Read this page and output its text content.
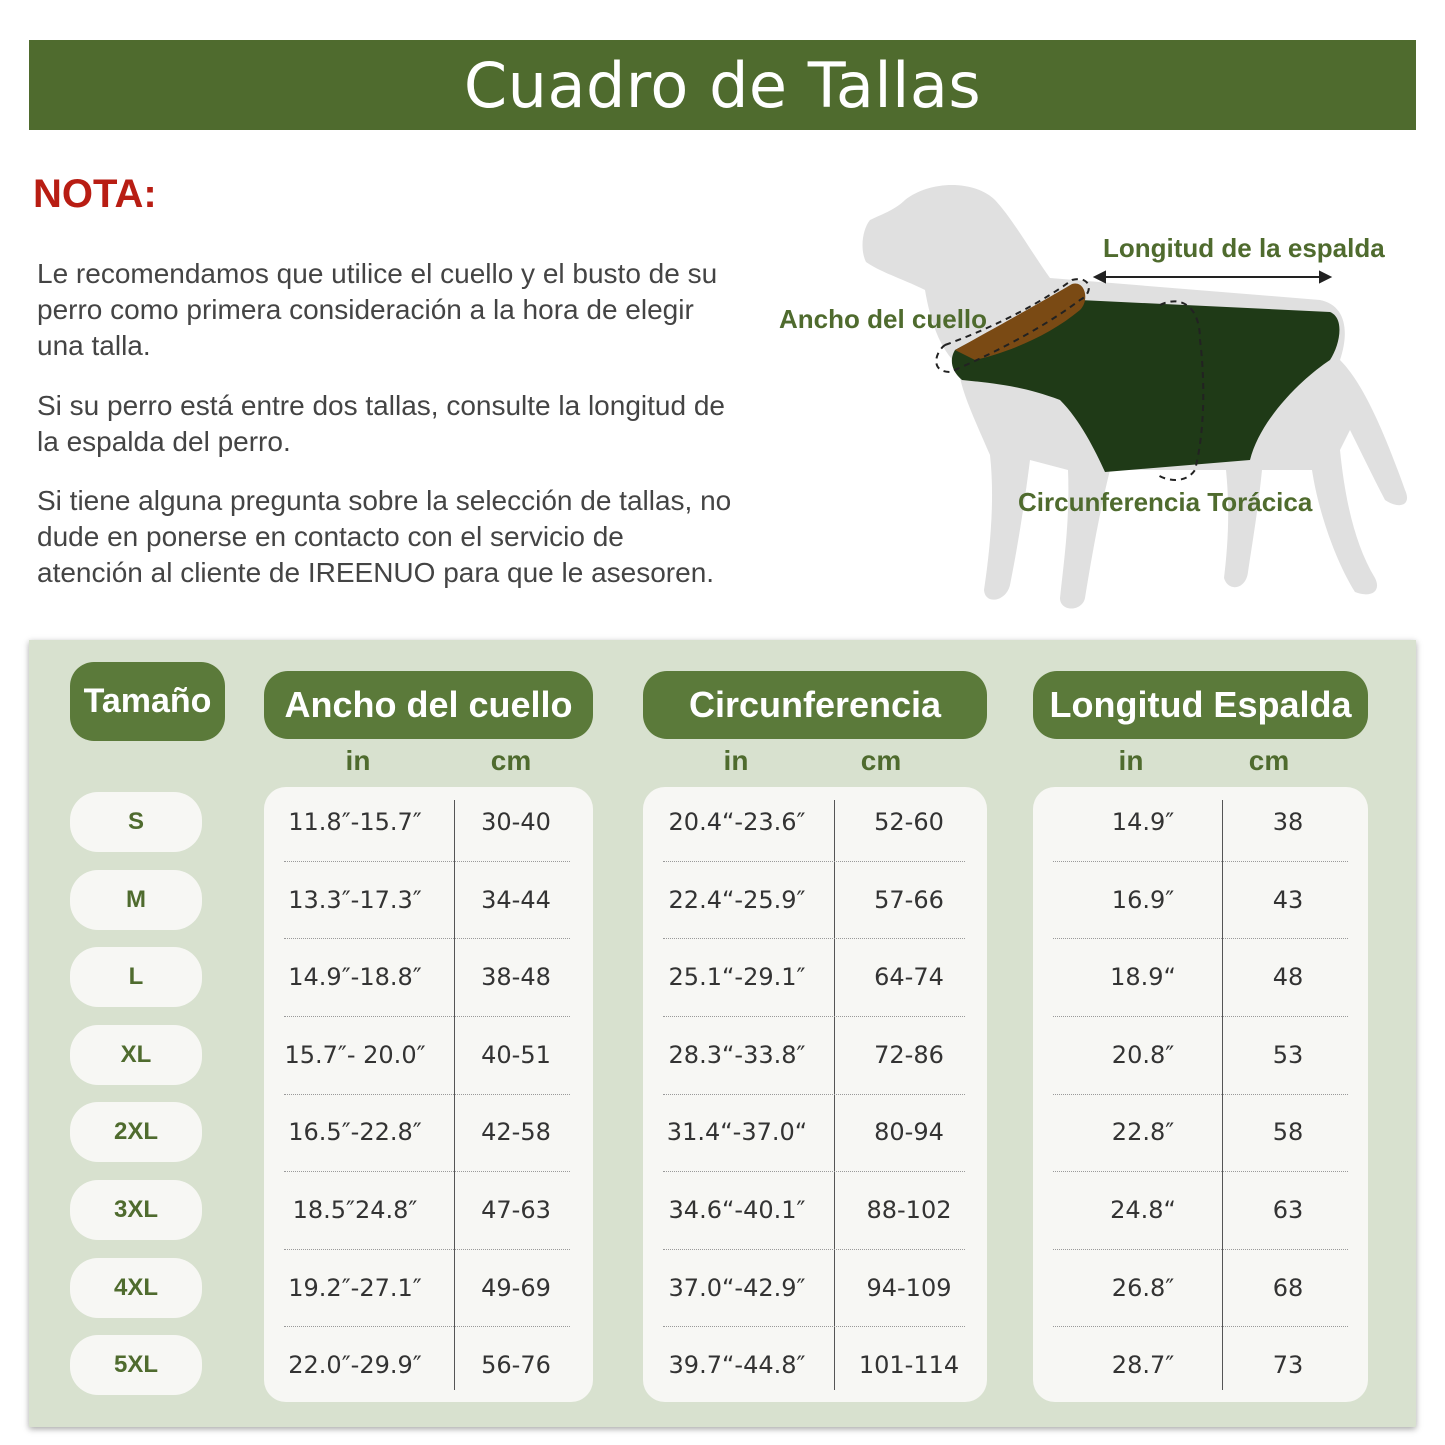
Cuadro de Tallas

NOTA:

Le recomendamos que utilice el cuello y el busto de su perro como primera consideración a la hora de elegir una talla.

Si su perro está entre dos tallas, consulte la longitud de la espalda del perro.

Si tiene alguna pregunta sobre la selección de tallas, no dude en ponerse en contacto con el servicio de atención al cliente de IREENUO para que le asesoren.

Longitud de la espalda

Ancho del cuello

Circunferencia Torácica

Tamaño	Ancho del cuello	Circunferencia	Longitud Espalda
in	cm	in	cm	in	cm
S	11.8″-15.7″	30-40	20.4“-23.6″	52-60	14.9″	38
M	13.3″-17.3″	34-44	22.4“-25.9″	57-66	16.9″	43
L	14.9″-18.8″	38-48	25.1“-29.1″	64-74	18.9“	48
XL	15.7″- 20.0″	40-51	28.3“-33.8″	72-86	20.8″	53
2XL	16.5″-22.8″	42-58	31.4“-37.0“	80-94	22.8″	58
3XL	18.5″24.8″	47-63	34.6“-40.1″	88-102	24.8“	63
4XL	19.2″-27.1″	49-69	37.0“-42.9″	94-109	26.8″	68
5XL	22.0″-29.9″	56-76	39.7“-44.8″	101-114	28.7″	73
